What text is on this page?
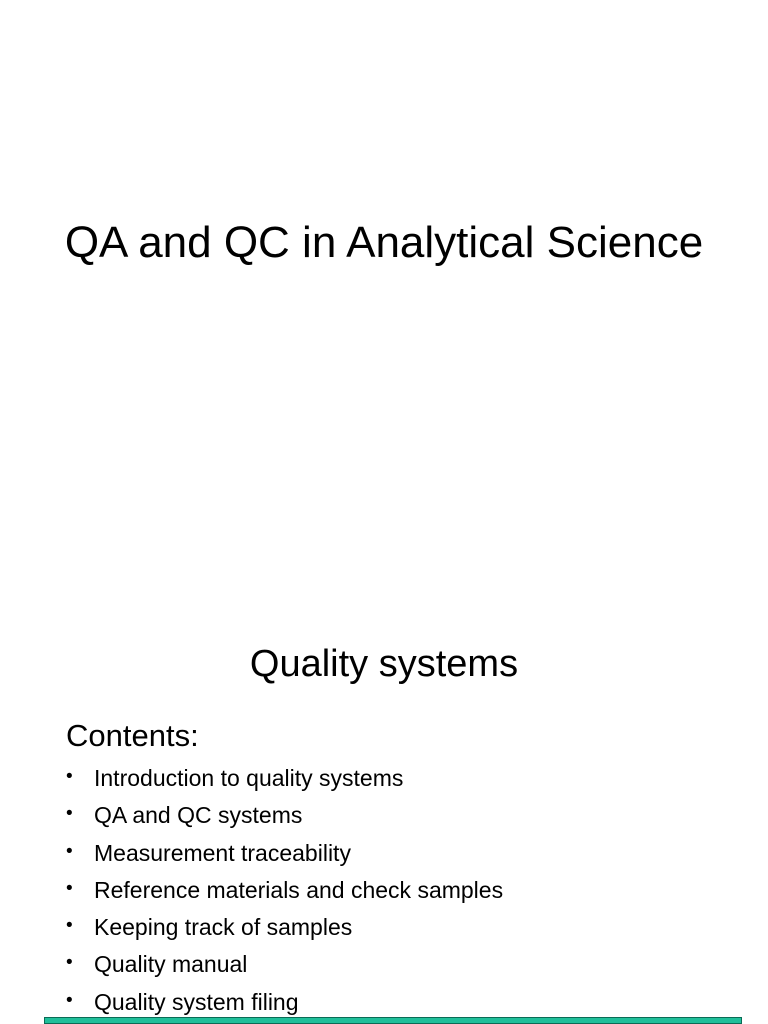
QA and QC in Analytical Science
Quality systems
Contents:
• Introduction to quality systems
• QA and QC systems
• Measurement traceability
• Reference materials and check samples
• Keeping track of samples
• Quality manual
• Quality system filing
